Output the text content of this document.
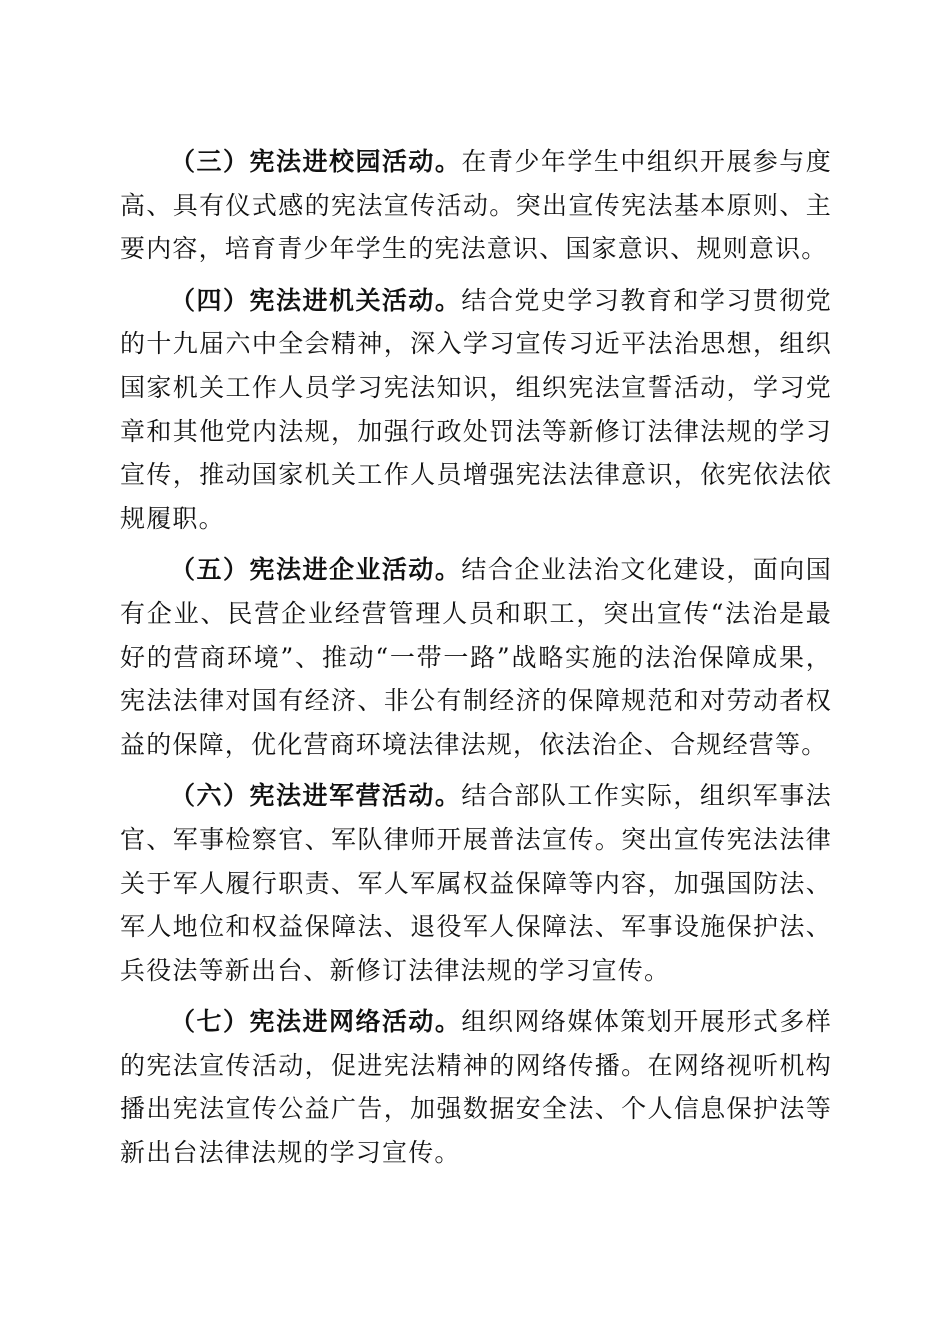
（三）宪法进校园活动。在青少年学生中组织开展参与度高、具有仪式感的宪法宣传活动。突出宣传宪法基本原则、主要内容，培育青少年学生的宪法意识、国家意识、规则意识。

（四）宪法进机关活动。结合党史学习教育和学习贯彻党的十九届六中全会精神，深入学习宣传习近平法治思想，组织国家机关工作人员学习宪法知识，组织宪法宣誓活动，学习党章和其他党内法规，加强行政处罚法等新修订法律法规的学习宣传，推动国家机关工作人员增强宪法法律意识，依宪依法依规履职。

（五）宪法进企业活动。结合企业法治文化建设，面向国有企业、民营企业经营管理人员和职工，突出宣传“法治是最好的营商环境”、推动“一带一路”战略实施的法治保障成果，宪法法律对国有经济、非公有制经济的保障规范和对劳动者权益的保障，优化营商环境法律法规，依法治企、合规经营等。

（六）宪法进军营活动。结合部队工作实际，组织军事法官、军事检察官、军队律师开展普法宣传。突出宣传宪法法律关于军人履行职责、军人军属权益保障等内容，加强国防法、军人地位和权益保障法、退役军人保障法、军事设施保护法、兵役法等新出台、新修订法律法规的学习宣传。

（七）宪法进网络活动。组织网络媒体策划开展形式多样的宪法宣传活动，促进宪法精神的网络传播。在网络视听机构播出宪法宣传公益广告，加强数据安全法、个人信息保护法等新出台法律法规的学习宣传。
